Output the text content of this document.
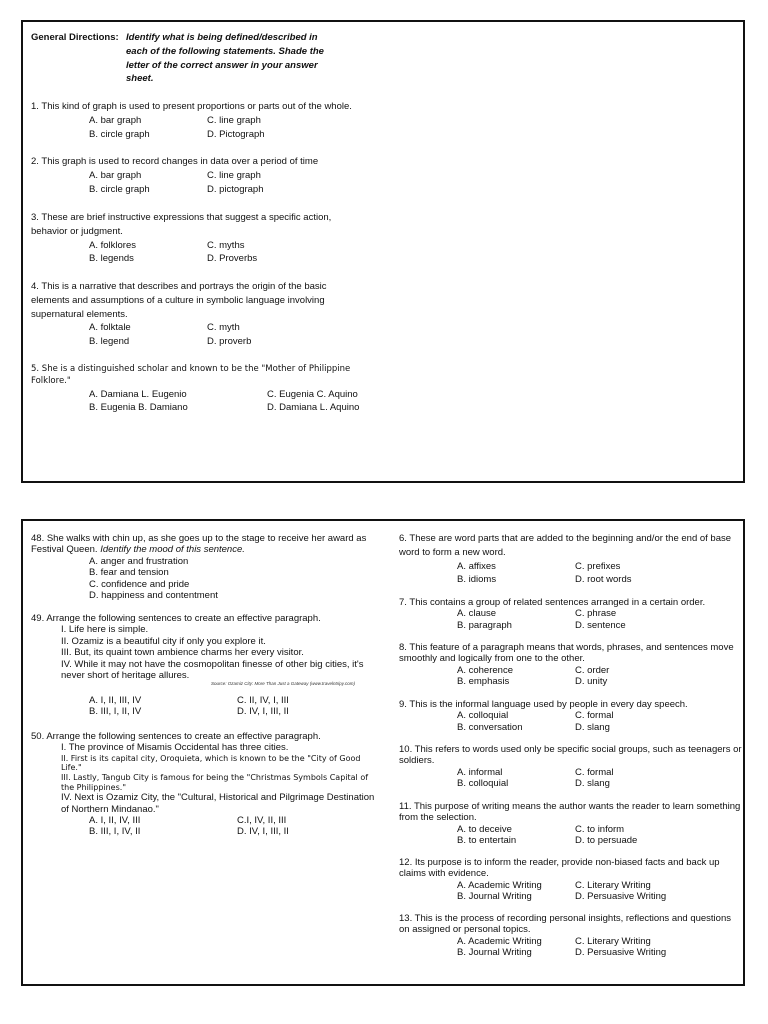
General Directions: Identify what is being defined/described in each of the following statements. Shade the letter of the correct answer in your answer sheet.
1. This kind of graph is used to present proportions or parts out of the whole.
A. bar graph	C. line graph
B. circle graph	D. Pictograph
2. This graph is used to record changes in data over a period of time
A. bar graph	C. line graph
B. circle graph	D. pictograph
3. These are brief instructive expressions that suggest a specific action, behavior or judgment.
A. folklores	C. myths
B. legends	D. Proverbs
4. This is a narrative that describes and portrays the origin of the basic elements and assumptions of a culture in symbolic language involving supernatural elements.
A. folktale	C. myth
B. legend	D. proverb
5. She is a distinguished scholar and known to be the "Mother of Philippine Folklore."
A. Damiana L. Eugenio	C. Eugenia C. Aquino
B. Eugenia B. Damiano	D. Damiana L. Aquino
48. She walks with chin up, as she goes up to the stage to receive her award as Festival Queen. Identify the mood of this sentence.
A. anger and frustration
B. fear and tension
C. confidence and pride
D. happiness and contentment
49. Arrange the following sentences to create an effective paragraph.
I. Life here is simple.
II. Ozamiz is a beautiful city if only you explore it.
III. But, its quaint town ambience charms her every visitor.
IV. While it may not have the cosmopolitan finesse of other big cities, it's never short of heritage allures.
Source: Ozamiz City: More Than Just a Gateway (www.travelntripy.com)
A. I, II, III, IV	C. II, IV, I, III
B. III, I, II, IV	D. IV, I, III, II
50. Arrange the following sentences to create an effective paragraph.
I. The province of Misamis Occidental has three cities.
II. First is its capital city, Oroquieta, which is known to be the "City of Good Life."
III. Lastly, Tangub City is famous for being the "Christmas Symbols Capital of the Philippines."
IV. Next is Ozamiz City, the "Cultural, Historical and Pilgrimage Destination of Northern Mindanao."
A. I, II, IV, III	C.I, IV, II, III
B. III, I, IV, II	D. IV, I, III, II
6. These are word parts that are added to the beginning and/or the end of base word to form a new word.
A. affixes	C. prefixes
B. idioms	D. root words
7. This contains a group of related sentences arranged in a certain order.
A. clause	C. phrase
B. paragraph	D. sentence
8. This feature of a paragraph means that words, phrases, and sentences move smoothly and logically from one to the other.
A. coherence	C. order
B. emphasis	D. unity
9. This is the informal language used by people in every day speech.
A. colloquial	C. formal
B. conversation	D. slang
10. This refers to words used only be specific social groups, such as teenagers or soldiers.
A. informal	C. formal
B. colloquial	D. slang
11. This purpose of writing means the author wants the reader to learn something from the selection.
A. to deceive	C. to inform
B. to entertain	D. to persuade
12. Its purpose is to inform the reader, provide non-biased facts and back up claims with evidence.
A. Academic Writing	C. Literary Writing
B. Journal Writing	D. Persuasive Writing
13. This is the process of recording personal insights, reflections and questions on assigned or personal topics.
A. Academic Writing	C. Literary Writing
B. Journal Writing	D. Persuasive Writing
